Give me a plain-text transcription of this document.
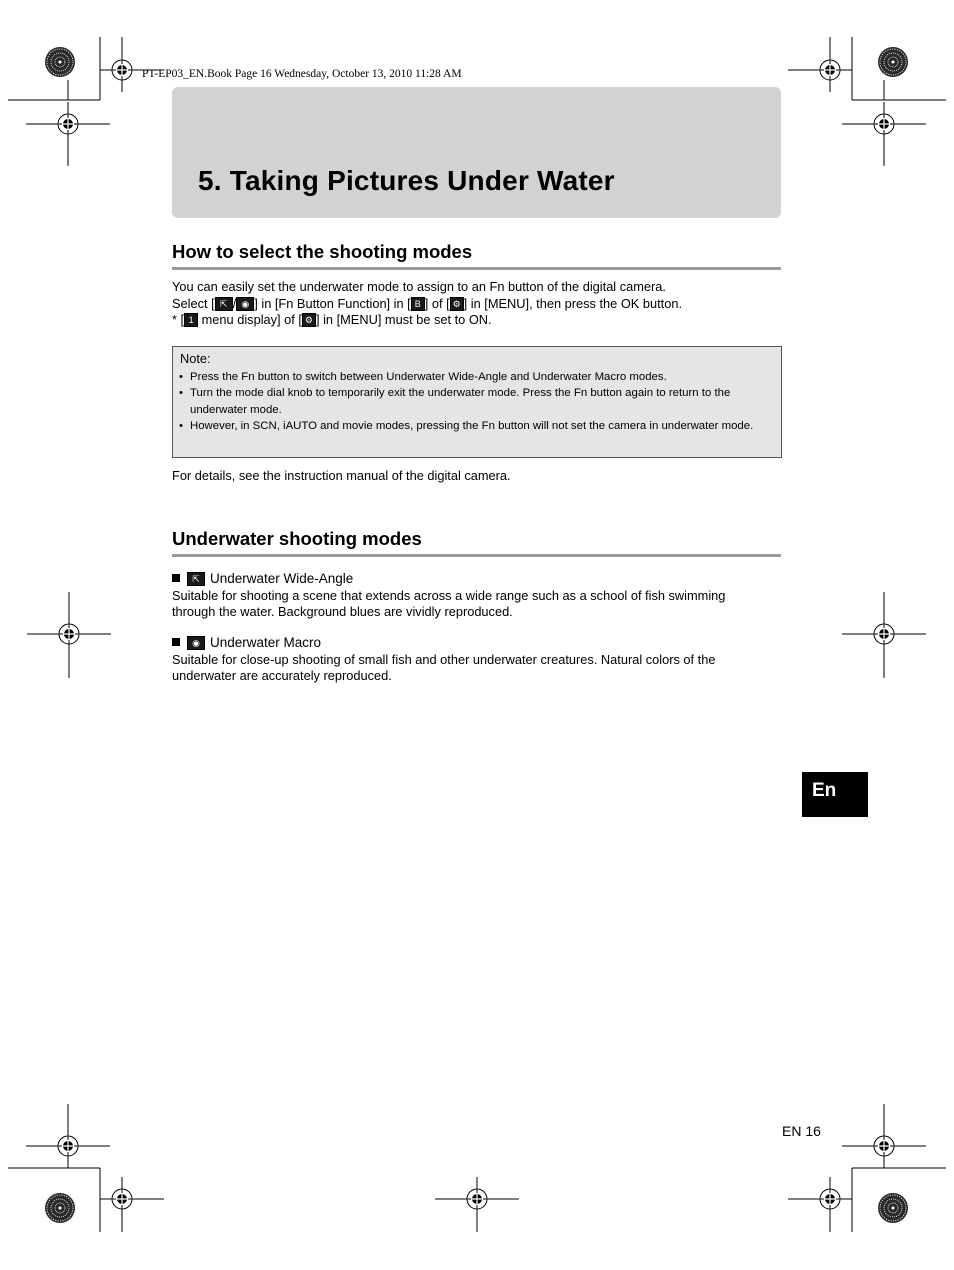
PT-EP03_EN.Book Page 16 Wednesday, October 13, 2010 11:28 AM
5. Taking Pictures Under Water
How to select the shooting modes
You can easily set the underwater mode to assign to an Fn button of the digital camera.
Select [ ⇱ / ◉ ] in [Fn Button Function] in [ B ] of [ ⚙ ] in [MENU], then press the OK button.
* [ 1 menu display] of [ ⚙ ] in [MENU] must be set to ON.
Note:
• Press the Fn button to switch between Underwater Wide-Angle and Underwater Macro modes.
• Turn the mode dial knob to temporarily exit the underwater mode. Press the Fn button again to return to the underwater mode.
• However, in SCN, iAUTO and movie modes, pressing the Fn button will not set the camera in underwater mode.
For details, see the instruction manual of the digital camera.
Underwater shooting modes
⇱ Underwater Wide-Angle
Suitable for shooting a scene that extends across a wide range such as a school of fish swimming through the water. Background blues are vividly reproduced.
◉ Underwater Macro
Suitable for close-up shooting of small fish and other underwater creatures. Natural colors of the underwater are accurately reproduced.
En
EN 16
